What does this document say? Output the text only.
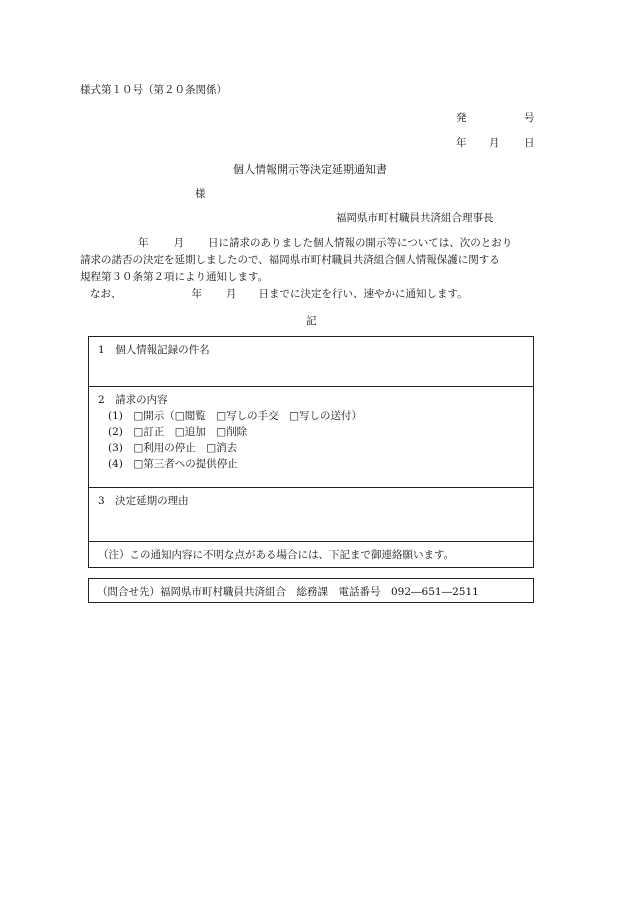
様式第１０号（第２０条関係）
発	号
年 月 日
個人情報開示等決定延期通知書
様
福岡県市町村職員共済組合理事長
年 月 日に請求のありました個人情報の開示等については、次のとおり
請求の諾否の決定を延期しましたので、福岡県市町村職員共済組合個人情報保護に関する
規程第３０条第２項により通知します。
なお、	年 月 日までに決定を行い、速やかに通知します。
記
1　個人情報記録の件名
2　請求の内容
(1)　□開示（□閲覧　□写しの手交　□写しの送付）
(2)　□訂正　□追加　□削除
(3)　□利用の停止　□消去
(4)　□第三者への提供停止
3　決定延期の理由
（注）この通知内容に不明な点がある場合には、下記まで御連絡願います。
（問合せ先）福岡県市町村職員共済組合　総務課　電話番号　092―651―2511
